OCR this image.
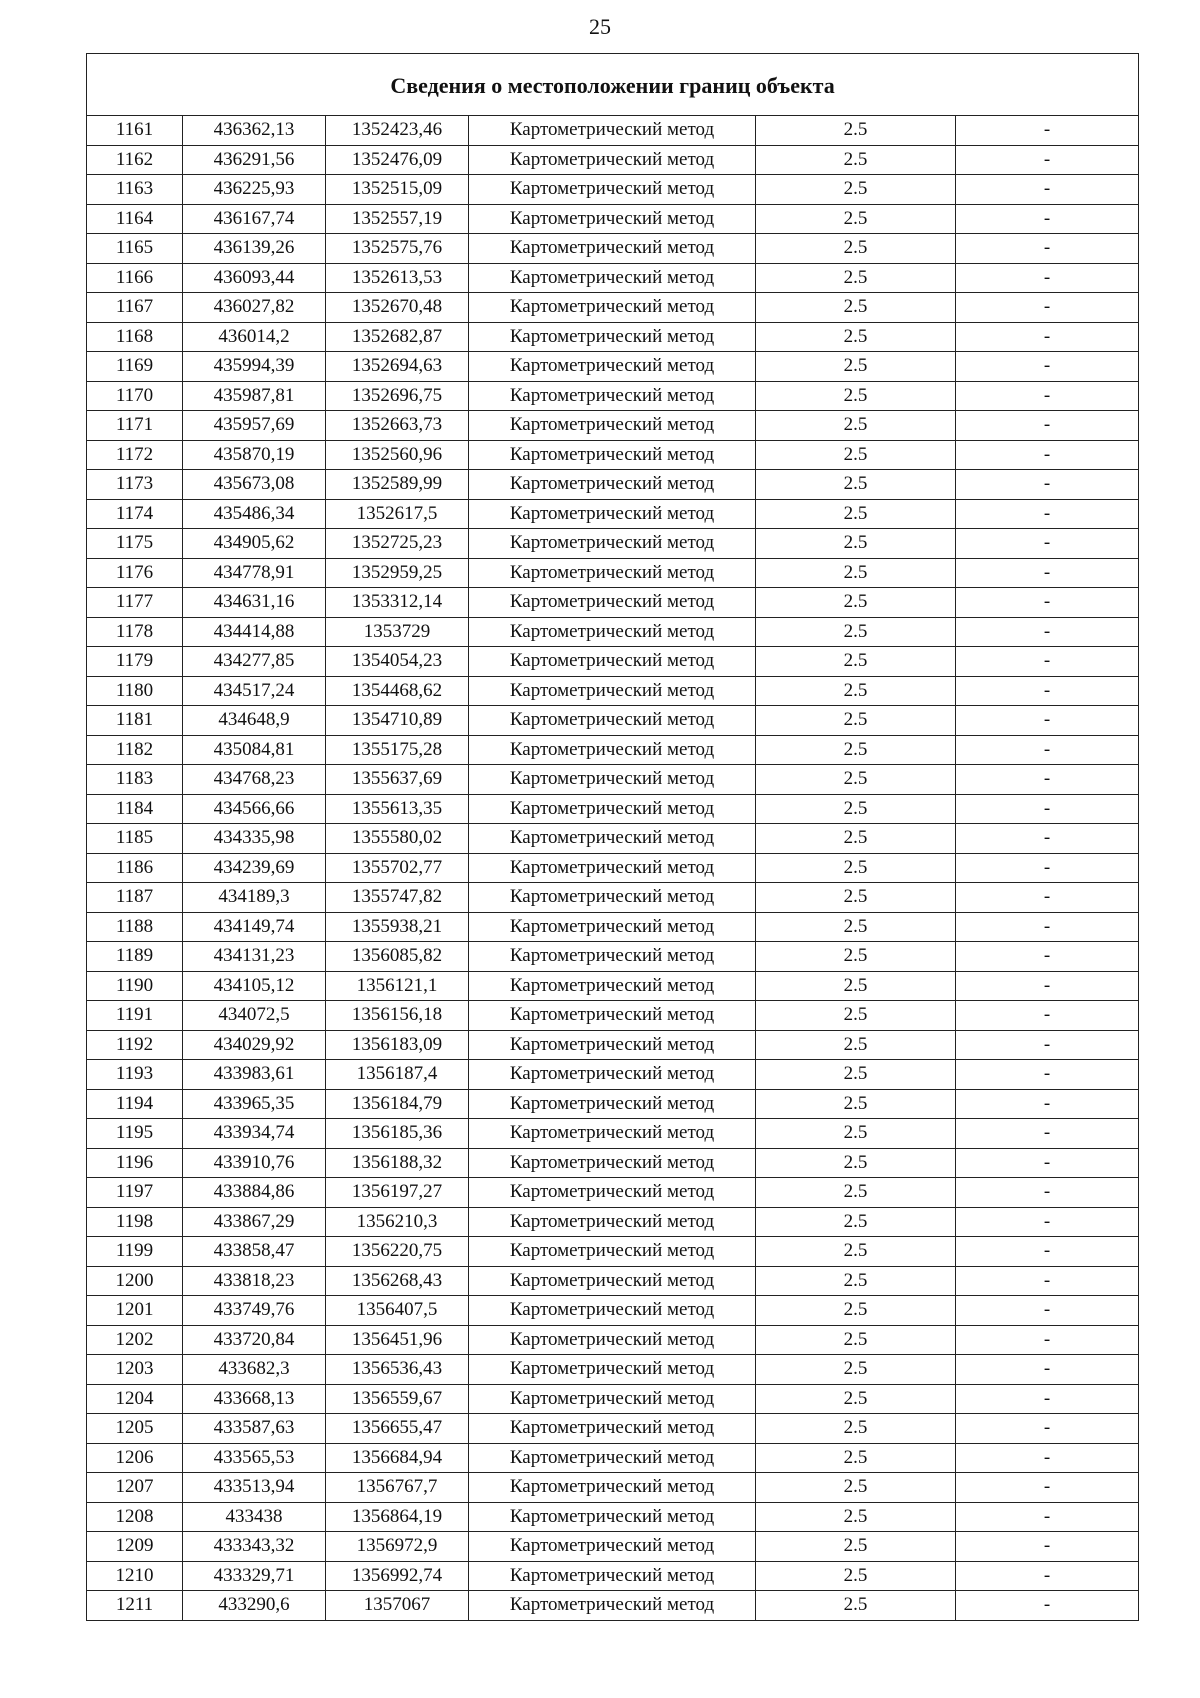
25
Сведения о местоположении границ объекта					
1161	436362,13	1352423,46	Картометрический метод	2.5	-
1162	436291,56	1352476,09	Картометрический метод	2.5	-
1163	436225,93	1352515,09	Картометрический метод	2.5	-
1164	436167,74	1352557,19	Картометрический метод	2.5	-
1165	436139,26	1352575,76	Картометрический метод	2.5	-
1166	436093,44	1352613,53	Картометрический метод	2.5	-
1167	436027,82	1352670,48	Картометрический метод	2.5	-
1168	436014,2	1352682,87	Картометрический метод	2.5	-
1169	435994,39	1352694,63	Картометрический метод	2.5	-
1170	435987,81	1352696,75	Картометрический метод	2.5	-
1171	435957,69	1352663,73	Картометрический метод	2.5	-
1172	435870,19	1352560,96	Картометрический метод	2.5	-
1173	435673,08	1352589,99	Картометрический метод	2.5	-
1174	435486,34	1352617,5	Картометрический метод	2.5	-
1175	434905,62	1352725,23	Картометрический метод	2.5	-
1176	434778,91	1352959,25	Картометрический метод	2.5	-
1177	434631,16	1353312,14	Картометрический метод	2.5	-
1178	434414,88	1353729	Картометрический метод	2.5	-
1179	434277,85	1354054,23	Картометрический метод	2.5	-
1180	434517,24	1354468,62	Картометрический метод	2.5	-
1181	434648,9	1354710,89	Картометрический метод	2.5	-
1182	435084,81	1355175,28	Картометрический метод	2.5	-
1183	434768,23	1355637,69	Картометрический метод	2.5	-
1184	434566,66	1355613,35	Картометрический метод	2.5	-
1185	434335,98	1355580,02	Картометрический метод	2.5	-
1186	434239,69	1355702,77	Картометрический метод	2.5	-
1187	434189,3	1355747,82	Картометрический метод	2.5	-
1188	434149,74	1355938,21	Картометрический метод	2.5	-
1189	434131,23	1356085,82	Картометрический метод	2.5	-
1190	434105,12	1356121,1	Картометрический метод	2.5	-
1191	434072,5	1356156,18	Картометрический метод	2.5	-
1192	434029,92	1356183,09	Картометрический метод	2.5	-
1193	433983,61	1356187,4	Картометрический метод	2.5	-
1194	433965,35	1356184,79	Картометрический метод	2.5	-
1195	433934,74	1356185,36	Картометрический метод	2.5	-
1196	433910,76	1356188,32	Картометрический метод	2.5	-
1197	433884,86	1356197,27	Картометрический метод	2.5	-
1198	433867,29	1356210,3	Картометрический метод	2.5	-
1199	433858,47	1356220,75	Картометрический метод	2.5	-
1200	433818,23	1356268,43	Картометрический метод	2.5	-
1201	433749,76	1356407,5	Картометрический метод	2.5	-
1202	433720,84	1356451,96	Картометрический метод	2.5	-
1203	433682,3	1356536,43	Картометрический метод	2.5	-
1204	433668,13	1356559,67	Картометрический метод	2.5	-
1205	433587,63	1356655,47	Картометрический метод	2.5	-
1206	433565,53	1356684,94	Картометрический метод	2.5	-
1207	433513,94	1356767,7	Картометрический метод	2.5	-
1208	433438	1356864,19	Картометрический метод	2.5	-
1209	433343,32	1356972,9	Картометрический метод	2.5	-
1210	433329,71	1356992,74	Картометрический метод	2.5	-
1211	433290,6	1357067	Картометрический метод	2.5	-
